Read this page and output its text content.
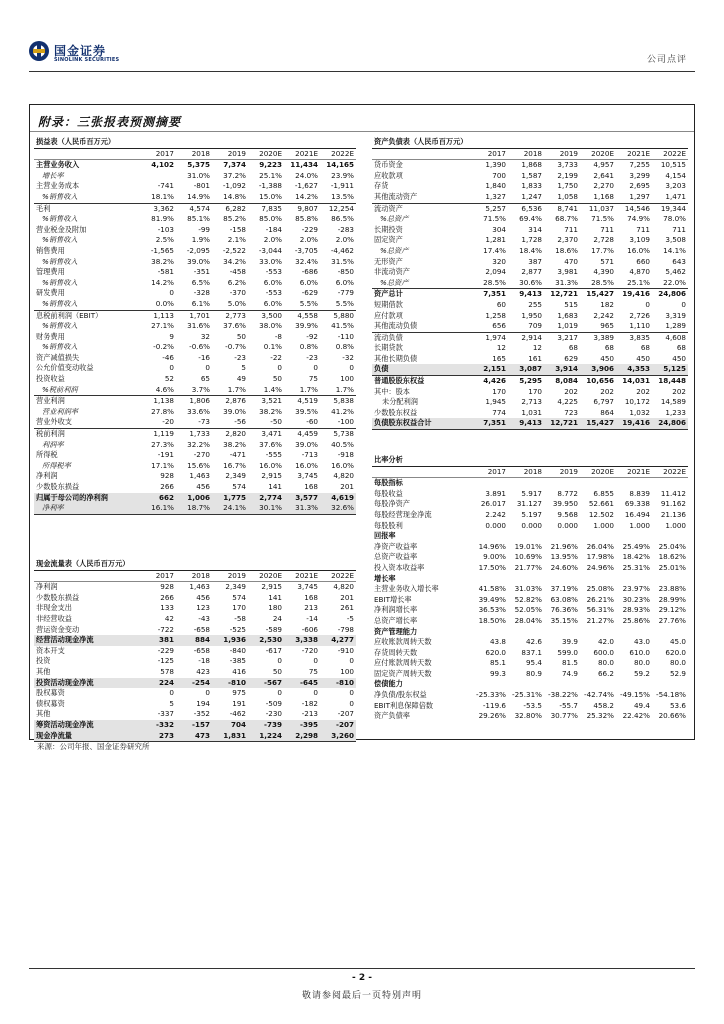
国金证券
SINOLINK SECURITIES	公司点评
附录：三张报表预测摘要
损益表（人民币百万元）						
	2017	2018	2019	2020E	2021E	2022E
主营业务收入	4,102	5,375	7,374	9,223	11,434	14,165
增长率		31.0%	37.2%	25.1%	24.0%	23.9%
主营业务成本	-741	-801	-1,092	-1,388	-1,627	-1,911
%销售收入	18.1%	14.9%	14.8%	15.0%	14.2%	13.5%
毛利	3,362	4,574	6,282	7,835	9,807	12,254
%销售收入	81.9%	85.1%	85.2%	85.0%	85.8%	86.5%
营业税金及附加	-103	-99	-158	-184	-229	-283
%销售收入	2.5%	1.9%	2.1%	2.0%	2.0%	2.0%
销售费用	-1,565	-2,095	-2,522	-3,044	-3,705	-4,462
%销售收入	38.2%	39.0%	34.2%	33.0%	32.4%	31.5%
管理费用	-581	-351	-458	-553	-686	-850
%销售收入	14.2%	6.5%	6.2%	6.0%	6.0%	6.0%
研发费用	0	-328	-370	-553	-629	-779
%销售收入	0.0%	6.1%	5.0%	6.0%	5.5%	5.5%
息税前利润（EBIT）	1,113	1,701	2,773	3,500	4,558	5,880
%销售收入	27.1%	31.6%	37.6%	38.0%	39.9%	41.5%
财务费用	9	32	50	-8	-92	-110
%销售收入	-0.2%	-0.6%	-0.7%	0.1%	0.8%	0.8%
资产减值损失	-46	-16	-23	-22	-23	-32
公允价值变动收益	0	0	5	0	0	0
投资收益	52	65	49	50	75	100
%税前利润	4.6%	3.7%	1.7%	1.4%	1.7%	1.7%
营业利润	1,138	1,806	2,876	3,521	4,519	5,838
营业利润率	27.8%	33.6%	39.0%	38.2%	39.5%	41.2%
营业外收支	-20	-73	-56	-50	-60	-100
税前利润	1,119	1,733	2,820	3,471	4,459	5,738
利润率	27.3%	32.2%	38.2%	37.6%	39.0%	40.5%
所得税	-191	-270	-471	-555	-713	-918
所得税率	17.1%	15.6%	16.7%	16.0%	16.0%	16.0%
净利润	928	1,463	2,349	2,915	3,745	4,820
少数股东损益	266	456	574	141	168	201
归属于母公司的净利润	662	1,006	1,775	2,774	3,577	4,619
净利率	16.1%	18.7%	24.1%	30.1%	31.3%	32.6%
资产负债表（人民币百万元）						
	2017	2018	2019	2020E	2021E	2022E
货币资金	1,390	1,868	3,733	4,957	7,255	10,515
应收款项	700	1,587	2,199	2,641	3,299	4,154
存货	1,840	1,833	1,750	2,270	2,695	3,203
其他流动资产	1,327	1,247	1,058	1,168	1,297	1,471
流动资产	5,257	6,536	8,741	11,037	14,546	19,344
%总资产	71.5%	69.4%	68.7%	71.5%	74.9%	78.0%
长期投资	304	314	711	711	711	711
固定资产	1,281	1,728	2,370	2,728	3,109	3,508
%总资产	17.4%	18.4%	18.6%	17.7%	16.0%	14.1%
无形资产	320	387	470	571	660	643
非流动资产	2,094	2,877	3,981	4,390	4,870	5,462
%总资产	28.5%	30.6%	31.3%	28.5%	25.1%	22.0%
资产总计	7,351	9,413	12,721	15,427	19,416	24,806
短期借款	60	255	515	182	0	0
应付款项	1,258	1,950	1,683	2,242	2,726	3,319
其他流动负债	656	709	1,019	965	1,110	1,289
流动负债	1,974	2,914	3,217	3,389	3,835	4,608
长期贷款	12	12	68	68	68	68
其他长期负债	165	161	629	450	450	450
负债	2,151	3,087	3,914	3,906	4,353	5,125
普通股股东权益	4,426	5,295	8,084	10,656	14,031	18,448
其中：股本	170	170	202	202	202	202
未分配利润	1,945	2,713	4,225	6,797	10,172	14,589
少数股东权益	774	1,031	723	864	1,032	1,233
负债股东权益合计	7,351	9,413	12,721	15,427	19,416	24,806
比率分析						
	2017	2018	2019	2020E	2021E	2022E
每股指标						
每股收益	3.891	5.917	8.772	6.855	8.839	11.412
每股净资产	26.017	31.127	39.950	52.661	69.338	91.162
每股经营现金净流	2.242	5.197	9.568	12.502	16.494	21.136
每股股利	0.000	0.000	0.000	1.000	1.000	1.000
回报率						
净资产收益率	14.96%	19.01%	21.96%	26.04%	25.49%	25.04%
总资产收益率	9.00%	10.69%	13.95%	17.98%	18.42%	18.62%
投入资本收益率	17.50%	21.77%	24.60%	24.96%	25.31%	25.01%
增长率						
主营业务收入增长率	41.58%	31.03%	37.19%	25.08%	23.97%	23.88%
EBIT增长率	39.49%	52.82%	63.08%	26.21%	30.23%	28.99%
净利润增长率	36.53%	52.05%	76.36%	56.31%	28.93%	29.12%
总资产增长率	18.50%	28.04%	35.15%	21.27%	25.86%	27.76%
资产管理能力						
应收账款周转天数	43.8	42.6	39.9	42.0	43.0	45.0
存货周转天数	620.0	837.1	599.0	600.0	610.0	620.0
应付账款周转天数	85.1	95.4	81.5	80.0	80.0	80.0
固定资产周转天数	99.3	80.9	74.9	66.2	59.2	52.9
偿债能力						
净负债/股东权益	-25.33%	-25.31%	-38.22%	-42.74%	-49.15%	-54.18%
EBIT利息保障倍数	-119.6	-53.5	-55.7	458.2	49.4	53.6
资产负债率	29.26%	32.80%	30.77%	25.32%	22.42%	20.66%
现金流量表（人民币百万元）						
	2017	2018	2019	2020E	2021E	2022E
净利润	928	1,463	2,349	2,915	3,745	4,820
少数股东损益	266	456	574	141	168	201
非现金支出	133	123	170	180	213	261
非经营收益	42	-43	-58	24	-14	-5
营运资金变动	-722	-658	-525	-589	-606	-798
经营活动现金净流	381	884	1,936	2,530	3,338	4,277
资本开支	-229	-658	-840	-617	-720	-910
投资	-125	-18	-385	0	0	0
其他	578	423	416	50	75	100
投资活动现金净流	224	-254	-810	-567	-645	-810
股权募资	0	0	975	0	0	0
债权募资	5	194	191	-509	-182	0
其他	-337	-352	-462	-230	-213	-207
筹资活动现金净流	-332	-157	704	-739	-395	-207
现金净流量	273	473	1,831	1,224	2,298	3,260
来源：公司年报、国金证券研究所
- 2 -
敬请参阅最后一页特别声明
